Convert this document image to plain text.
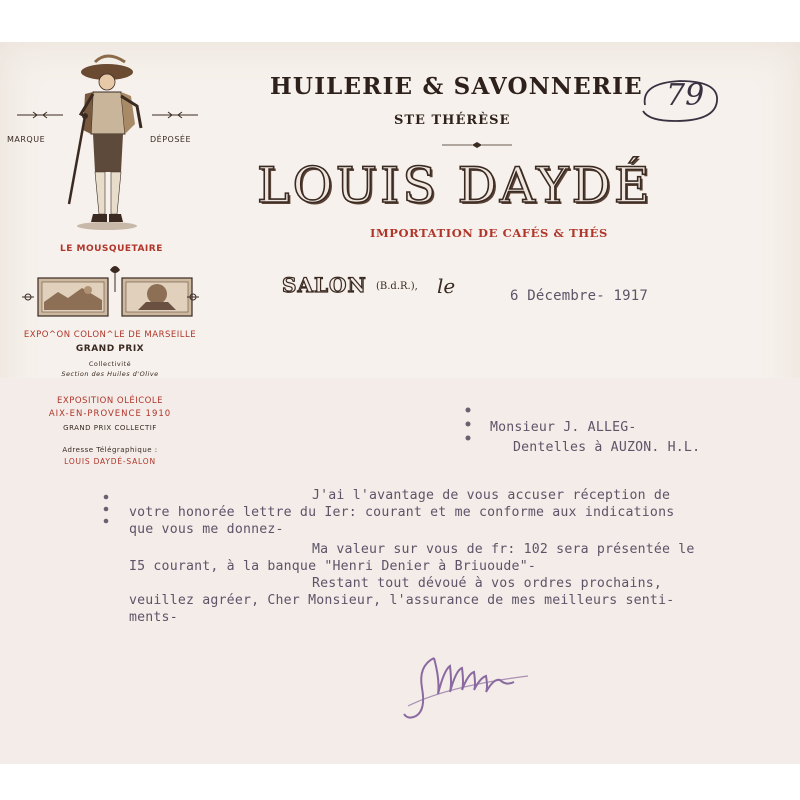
MARQUE	DÉPOSÉE
LE MOUSQUETAIRE
EXPO^ON COLON^LE DE MARSEILLE
GRAND PRIX
Collectivité
Section des Huiles d'Olive
EXPOSITION OLÉICOLE
AIX-EN-PROVENCE 1910
GRAND PRIX COLLECTIF
Adresse Télégraphique :
LOUIS DAYDÉ-SALON
HUILERIE & SAVONNERIE
STE THÉRÈSE
LOUIS DAYDÉ
IMPORTATION DE CAFÉS & THÉS
SALON (B.d.R.), le
79
6 Décembre- 1917
Monsieur J. ALLEG-
Dentelles à AUZON. H.L.
J'ai l'avantage de vous accuser réception de
votre honorée lettre du Ier: courant et me conforme aux indications
que vous me donnez-
Ma valeur sur vous de fr: 102 sera présentée le
I5 courant, à la banque "Henri Denier à Briuoude"-
Restant tout dévoué à vos ordres prochains,
veuillez agréer, Cher Monsieur, l'assurance de mes meilleurs senti-
ments-
